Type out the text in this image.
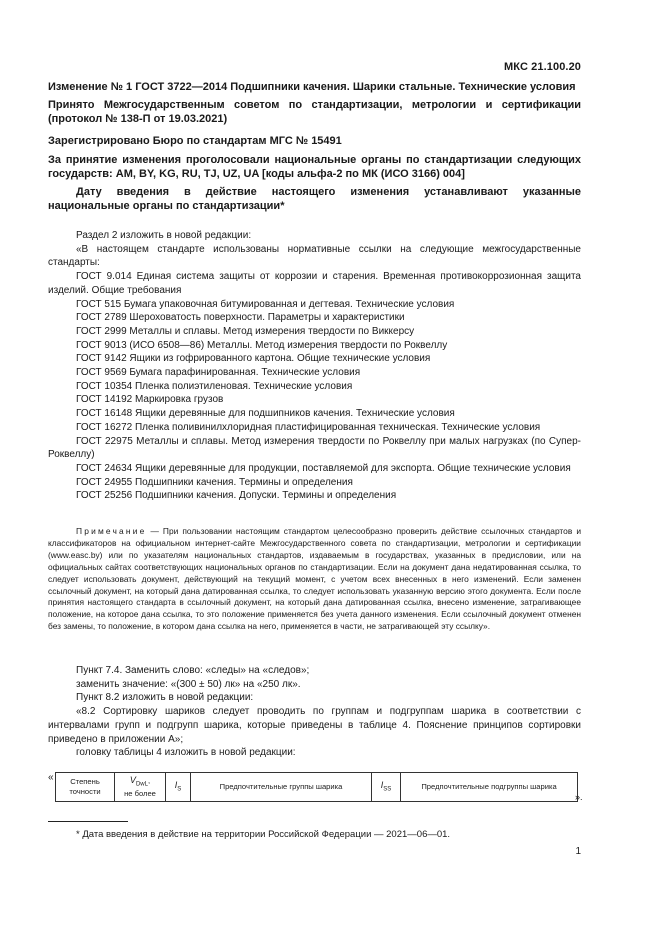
МКС 21.100.20
Изменение № 1 ГОСТ 3722—2014 Подшипники качения. Шарики стальные. Технические условия
Принято Межгосударственным советом по стандартизации, метрологии и сертификации (протокол № 138-П от 19.03.2021)
Зарегистрировано Бюро по стандартам МГС № 15491
За принятие изменения проголосовали национальные органы по стандартизации следующих государств: AM, BY, KG, RU, TJ, UZ, UA [коды альфа-2 по МК (ИСО 3166) 004]
Дату введения в действие настоящего изменения устанавливают указанные национальные органы по стандартизации*

Раздел 2 изложить в новой редакции:

«В настоящем стандарте использованы нормативные ссылки на следующие межгосударственные стандарты:

ГОСТ 9.014 Единая система защиты от коррозии и старения. Временная противокоррозионная защита изделий. Общие требования

ГОСТ 515 Бумага упаковочная битумированная и дегтевая. Технические условия

ГОСТ 2789 Шероховатость поверхности. Параметры и характеристики

ГОСТ 2999 Металлы и сплавы. Метод измерения твердости по Виккерсу

ГОСТ 9013 (ИСО 6508—86) Металлы. Метод измерения твердости по Роквеллу

ГОСТ 9142 Ящики из гофрированного картона. Общие технические условия

ГОСТ 9569 Бумага парафинированная. Технические условия

ГОСТ 10354 Пленка полиэтиленовая. Технические условия

ГОСТ 14192 Маркировка грузов

ГОСТ 16148 Ящики деревянные для подшипников качения. Технические условия

ГОСТ 16272 Пленка поливинилхлоридная пластифицированная техническая. Технические условия

ГОСТ 22975 Металлы и сплавы. Метод измерения твердости по Роквеллу при малых нагрузках (по Супер-Роквеллу)

ГОСТ 24634 Ящики деревянные для продукции, поставляемой для экспорта. Общие технические условия

ГОСТ 24955 Подшипники качения. Термины и определения

ГОСТ 25256 Подшипники качения. Допуски. Термины и определения

Примечание — При пользовании настоящим стандартом целесообразно проверить действие ссылочных стандартов и классификаторов на официальном интернет-сайте Межгосударственного совета по стандартизации, метрологии и сертификации (www.easc.by) или по указателям национальных стандартов, издаваемым в государствах, указанных в предисловии, или на официальных сайтах соответствующих национальных органов по стандартизации. Если на документ дана недатированная ссылка, то следует использовать документ, действующий на текущий момент, с учетом всех внесенных в него изменений. Если заменен ссылочный документ, на который дана датированная ссылка, то следует использовать указанную версию этого документа. Если после принятия настоящего стандарта в ссылочный документ, на который дана датированная ссылка, внесено изменение, затрагивающее положение, на которое дана ссылка, то это положение применяется без учета данного изменения. Если ссылочный документ отменен без замены, то положение, в котором дана ссылка на него, применяется в части, не затрагивающей эту ссылку».

Пункт 7.4. Заменить слово: «следы» на «следов»;

заменить значение: «(300 ± 50) лк» на «250 лк».

Пункт 8.2 изложить в новой редакции:

«8.2 Сортировку шариков следует проводить по группам и подгруппам шарика в соответствии с интервалами групп и подгрупп шарика, которые приведены в таблице 4. Пояснение принципов сортировки приведено в приложении А»;

головку таблицы 4 изложить в новой редакции:

« Степень точности	$V_{DwL}$,
не более	$I_S$	Предпочтительные группы шарика	$I_{SS}$	Предпочтительные подгруппы шарика
».
* Дата введения в действие на территории Российской Федерации — 2021—06—01.
1
